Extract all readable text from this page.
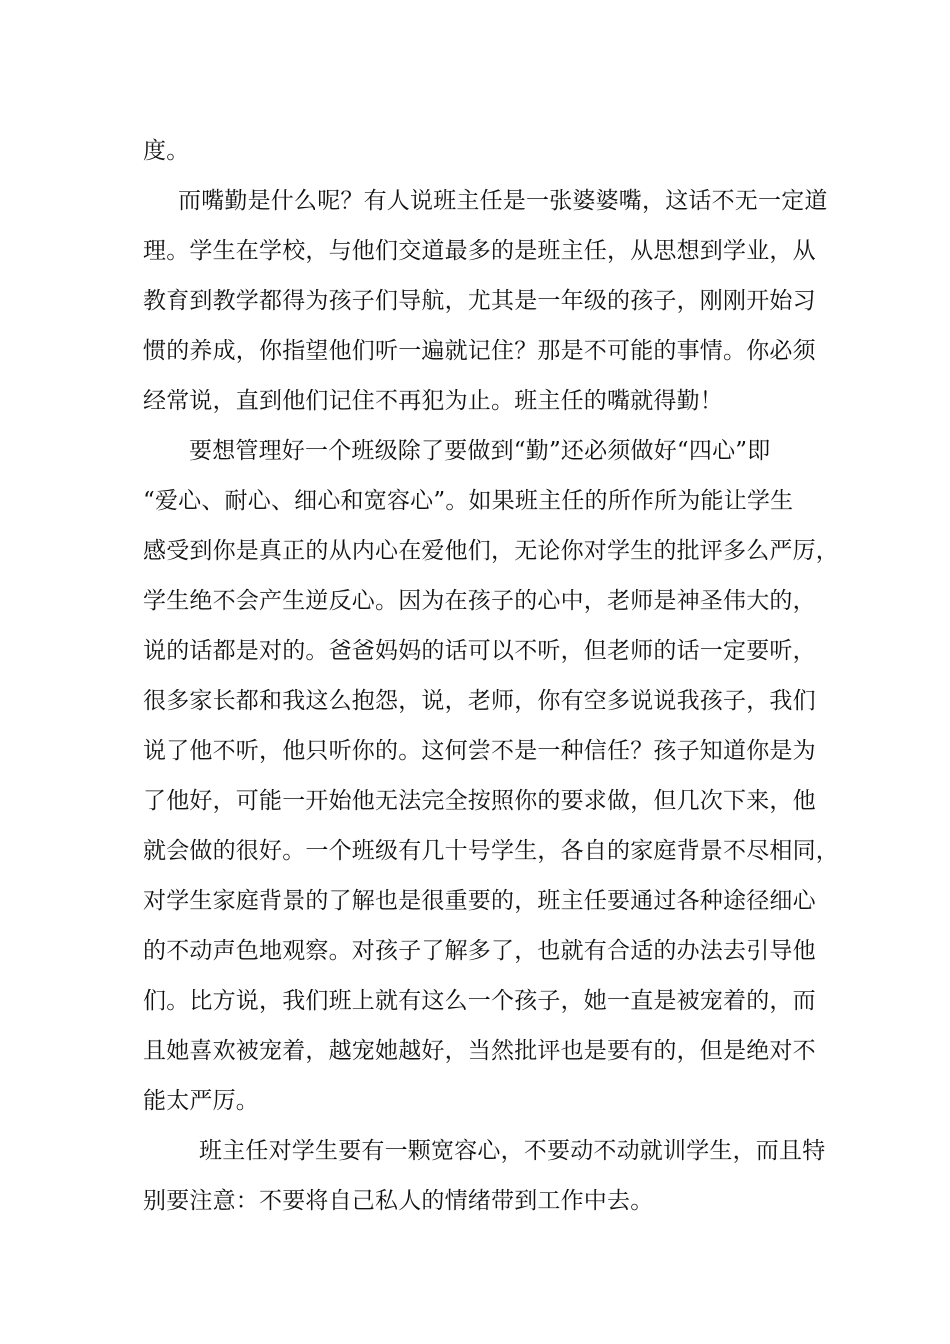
度。
而嘴勤是什么呢？有人说班主任是一张婆婆嘴，这话不无一定道
理。学生在学校，与他们交道最多的是班主任，从思想到学业，从
教育到教学都得为孩子们导航，尤其是一年级的孩子，刚刚开始习
惯的养成，你指望他们听一遍就记住？那是不可能的事情。你必须
经常说，直到他们记住不再犯为止。班主任的嘴就得勤！
要想管理好一个班级除了要做到“勤”还必须做好“四心”即
“爱心、耐心、细心和宽容心”。如果班主任的所作所为能让学生
感受到你是真正的从内心在爱他们，无论你对学生的批评多么严厉，
学生绝不会产生逆反心。因为在孩子的心中，老师是神圣伟大的，
说的话都是对的。爸爸妈妈的话可以不听，但老师的话一定要听，
很多家长都和我这么抱怨，说，老师，你有空多说说我孩子，我们
说了他不听，他只听你的。这何尝不是一种信任？孩子知道你是为
了他好，可能一开始他无法完全按照你的要求做，但几次下来，他
就会做的很好。一个班级有几十号学生，各自的家庭背景不尽相同，
对学生家庭背景的了解也是很重要的，班主任要通过各种途径细心
的不动声色地观察。对孩子了解多了，也就有合适的办法去引导他
们。比方说，我们班上就有这么一个孩子，她一直是被宠着的，而
且她喜欢被宠着，越宠她越好，当然批评也是要有的，但是绝对不
能太严厉。
班主任对学生要有一颗宽容心，不要动不动就训学生，而且特
别要注意：不要将自己私人的情绪带到工作中去。
